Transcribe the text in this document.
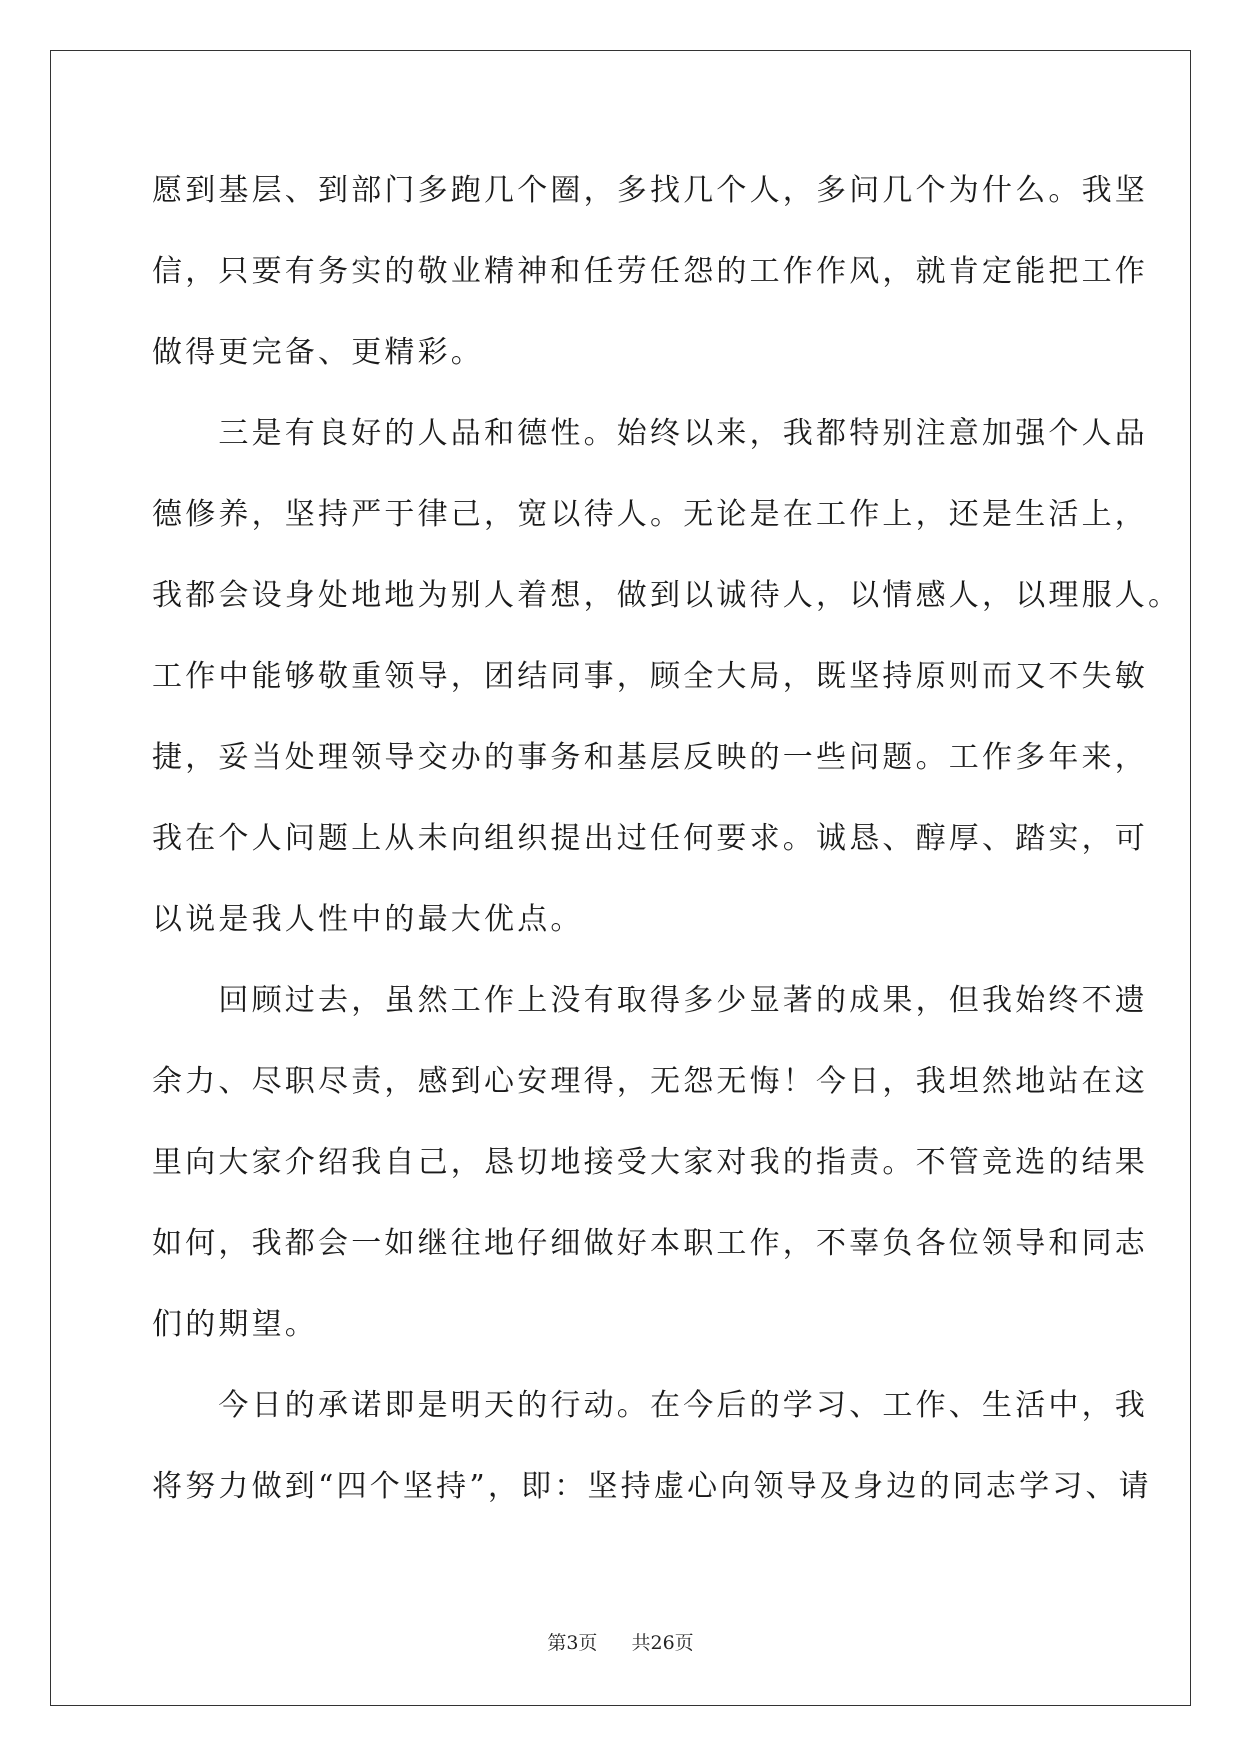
愿到基层、到部门多跑几个圈，多找几个人，多问几个为什么。我坚
信，只要有务实的敬业精神和任劳任怨的工作作风，就肯定能把工作
做得更完备、更精彩。
　　三是有良好的人品和德性。始终以来，我都特别注意加强个人品
德修养，坚持严于律己，宽以待人。无论是在工作上，还是生活上，
我都会设身处地地为别人着想，做到以诚待人，以情感人，以理服人。
工作中能够敬重领导，团结同事，顾全大局，既坚持原则而又不失敏
捷，妥当处理领导交办的事务和基层反映的一些问题。工作多年来，
我在个人问题上从未向组织提出过任何要求。诚恳、醇厚、踏实，可
以说是我人性中的最大优点。
　　回顾过去，虽然工作上没有取得多少显著的成果，但我始终不遗
余力、尽职尽责，感到心安理得，无怨无悔！今日，我坦然地站在这
里向大家介绍我自己，恳切地接受大家对我的指责。不管竞选的结果
如何，我都会一如继往地仔细做好本职工作，不辜负各位领导和同志
们的期望。
　　今日的承诺即是明天的行动。在今后的学习、工作、生活中，我
将努力做到“四个坚持”，即：坚持虚心向领导及身边的同志学习、请
第3页 共26页
